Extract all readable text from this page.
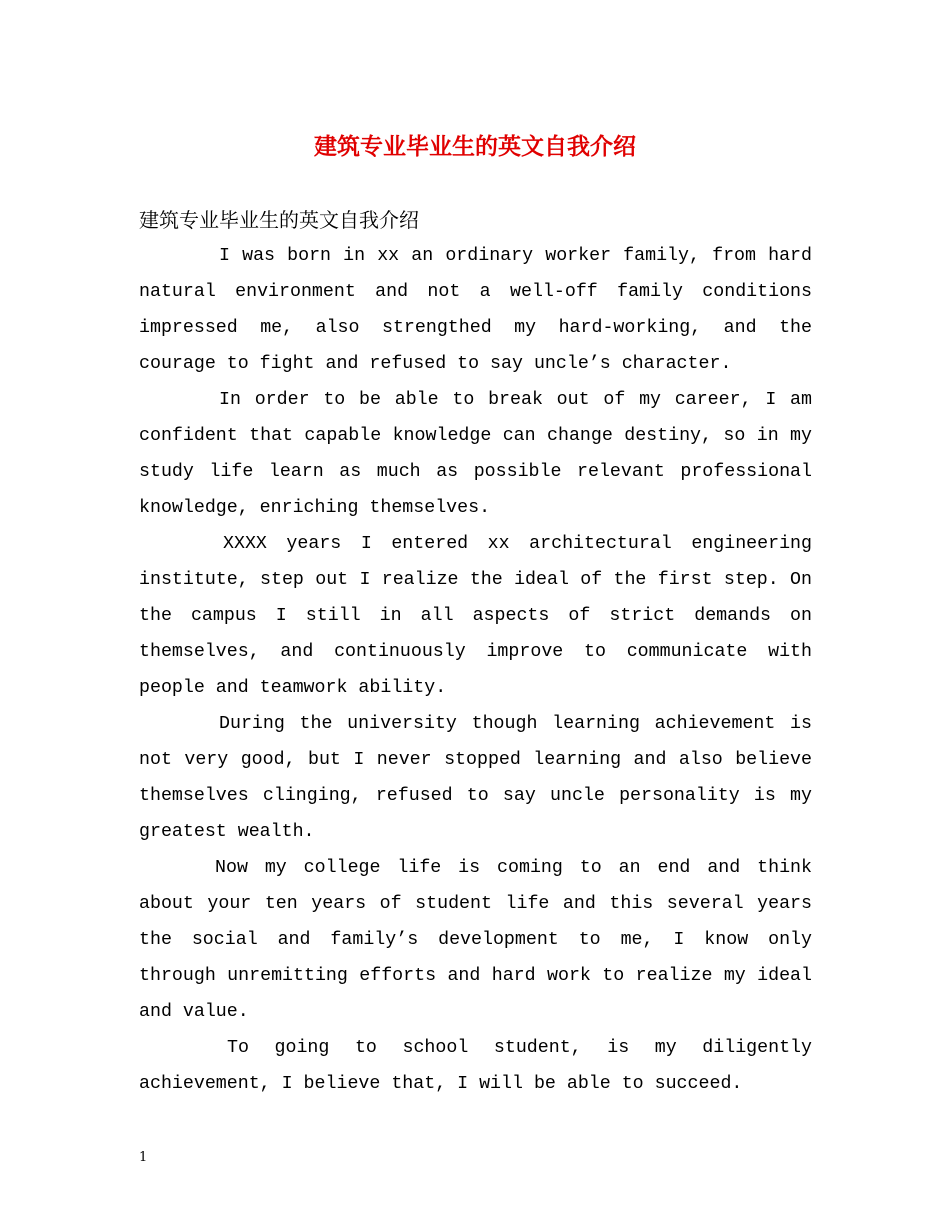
建筑专业毕业生的英文自我介绍
建筑专业毕业生的英文自我介绍

I was born in xx an ordinary worker family, from hard natural environment and not a well-off family conditions impressed me, also strengthed my hard-working, and the courage to fight and refused to say uncle’s character.

In order to be able to break out of my career, I am confident that capable knowledge can change destiny, so in my study life learn as much as possible relevant professional knowledge, enriching themselves.

XXXX years I entered xx architectural engineering institute, step out I realize the ideal of the first step. On the campus I still in all aspects of strict demands on themselves, and continuously improve to communicate with people and teamwork ability.

During the university though learning achievement is not very good, but I never stopped learning and also believe themselves clinging, refused to say uncle personality is my greatest wealth.

Now my college life is coming to an end and think about your ten years of student life and this several years the social and family’s development to me, I know only through unremitting efforts and hard work to realize my ideal and value.

To going to school student, is my diligently achievement, I believe that, I will be able to succeed.

1
